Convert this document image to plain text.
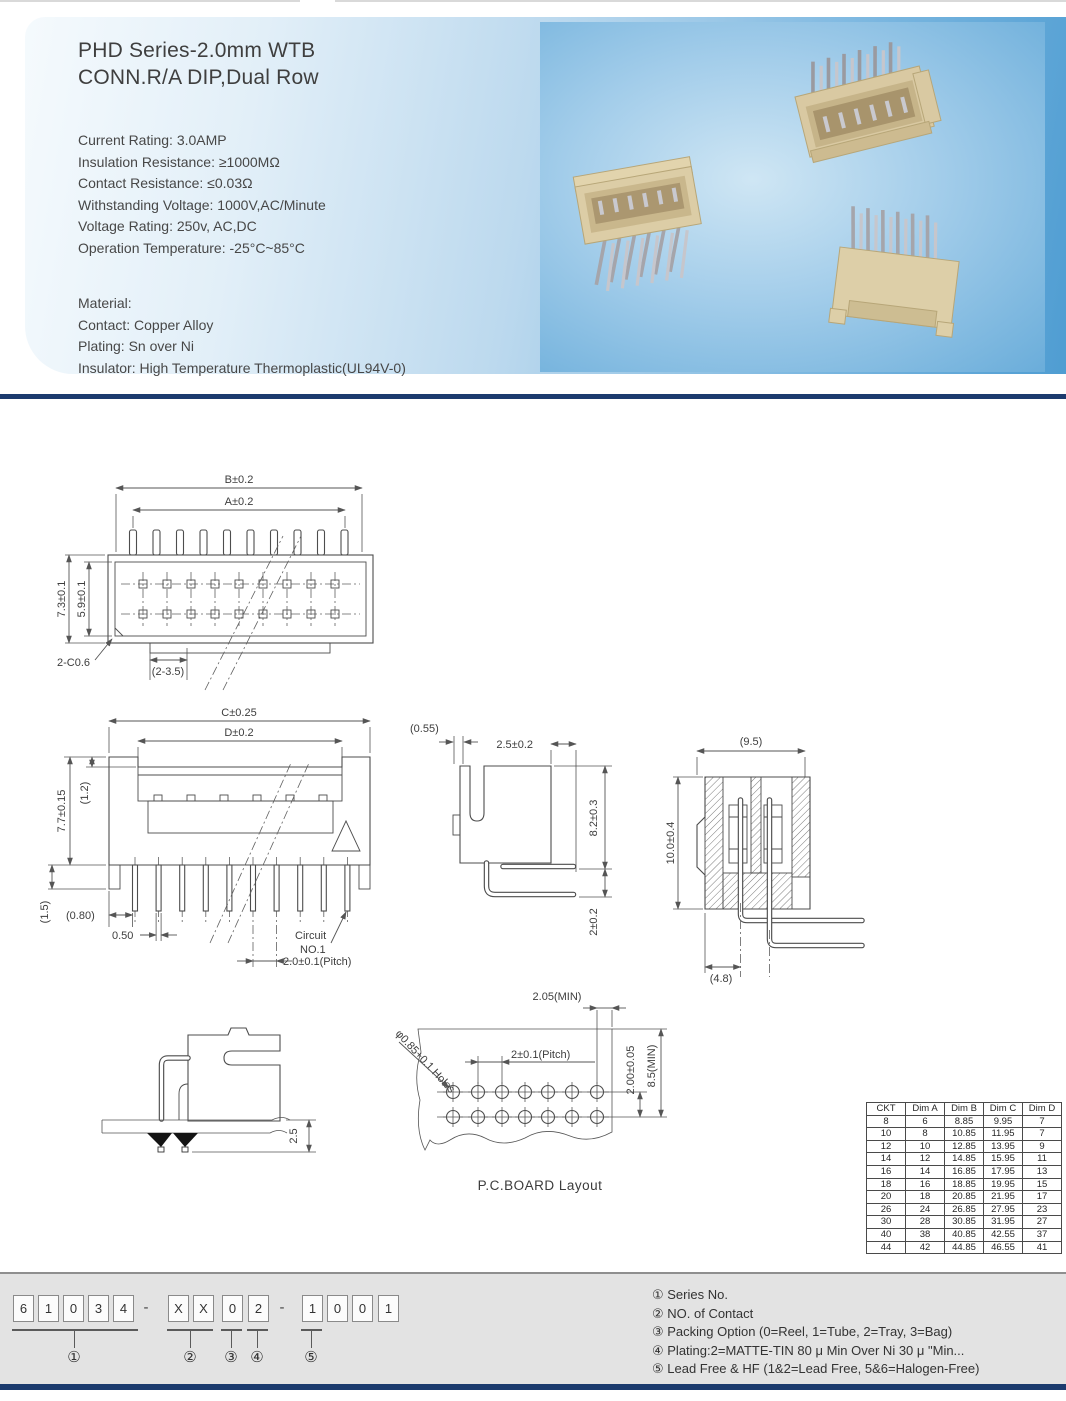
PHD Series-2.0mm WTB
CONN.R/A DIP,Dual Row
Current Rating: 3.0AMP
Insulation Resistance: ≥1000MΩ
Contact Resistance: ≤0.03Ω
Withstanding Voltage: 1000V,AC/Minute
Voltage Rating: 250v, AC,DC
Operation Temperature: -25°C~85°C
Material:
Contact: Copper Alloy
Plating: Sn over Ni
Insulator: High Temperature Thermoplastic(UL94V-0)
B±0.2
A±0.2
7.3±0.1 5.9±0.1
2-C0.6
(2-3.5)
C±0.25
D±0.2
7.7±0.15 (1.2)
(1.5) (0.80)
0.50	Circuit
NO.1
2.0±0.1(Pitch)
(0.55)
2.5±0.2
8.2±0.3
2±0.2
(9.5)
10.0±0.4
(4.8)
2.5
2.05(MIN)
2±0.1(Pitch)	2.00±0.05 8.5(MIN)
φ0.85+0.1 Holes
P.C.BOARD Layout
CKT	Dim A	Dim B	Dim C	Dim D
8	6	8.85	9.95	7
10	8	10.85	11.95	7
12	10	12.85	13.95	9
14	12	14.85	15.95	11
16	14	16.85	17.95	13
18	16	18.85	19.95	15
20	18	20.85	21.95	17
26	24	26.85	27.95	23
30	28	30.85	31.95	27
40	38	40.85	42.55	37
44	42	44.85	46.55	41
6	1	0	3	4	-	X	X	0	2	-	1	0	0	1
①	② ③ ④	⑤
① Series No.
② NO. of Contact
③ Packing Option (0=Reel, 1=Tube, 2=Tray, 3=Bag)
④ Plating:2=MATTE-TIN 80 μ Min Over Ni 30 μ "Min...
⑤ Lead Free & HF (1&2=Lead Free, 5&6=Halogen-Free)
